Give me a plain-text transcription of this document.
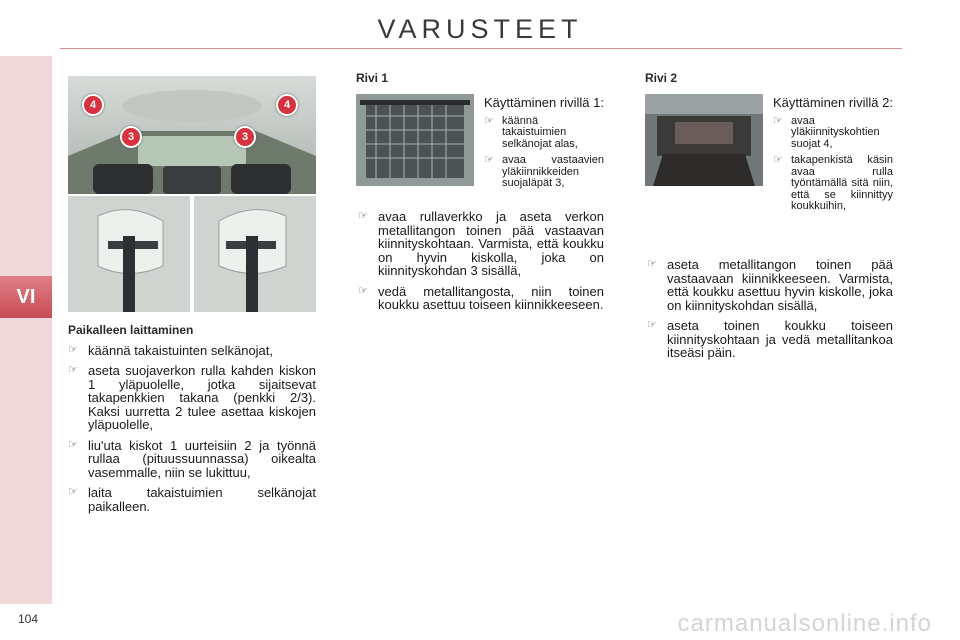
VARUSTEET
VI
4	4
3	3
Paikalleen laittaminen
☞ käännä takaistuinten selkänojat,
☞ aseta suojaverkon rulla kahden kiskon 1 yläpuolelle, jotka sijaitsevat takapenkkien takana (penkki 2/3). Kaksi uurretta 2 tulee asettaa kiskojen yläpuolelle,
☞ liu'uta kiskot 1 uurteisiin 2 ja työnnä rullaa (pituussuunnassa) oikealta vasemmalle, niin se lukittuu,
☞ laita takaistuimien selkänojat paikalleen.
Rivi 1
Käyttäminen rivillä 1:
☞ käännä takaistuimien selkänojat alas,
☞ avaa vastaavien yläkiinnikkeiden suojaläpät 3,
☞ avaa rullaverkko ja aseta verkon metallitangon toinen pää vastaavan kiinnityskohtaan. Varmista, että koukku on hyvin kiskolla, joka on kiinnityskohdan 3 sisällä,
☞ vedä metallitangosta, niin toinen koukku asettuu toiseen kiinnikkeeseen.
Rivi 2
Käyttäminen rivillä 2:
☞ avaa yläkiinnityskohtien suojat 4,
☞ takapenkistä käsin avaa rulla työntämällä sitä niin, että se kiinnittyy koukkuihin,
☞ aseta metallitangon toinen pää vastaavaan kiinnikkeeseen. Varmista, että koukku asettuu hyvin kiskolle, joka on kiinnityskohdan sisällä,
☞ aseta toinen koukku toiseen kiinnityskohtaan ja vedä metallitankoa itseäsi päin.
104	carmanualsonline.info
